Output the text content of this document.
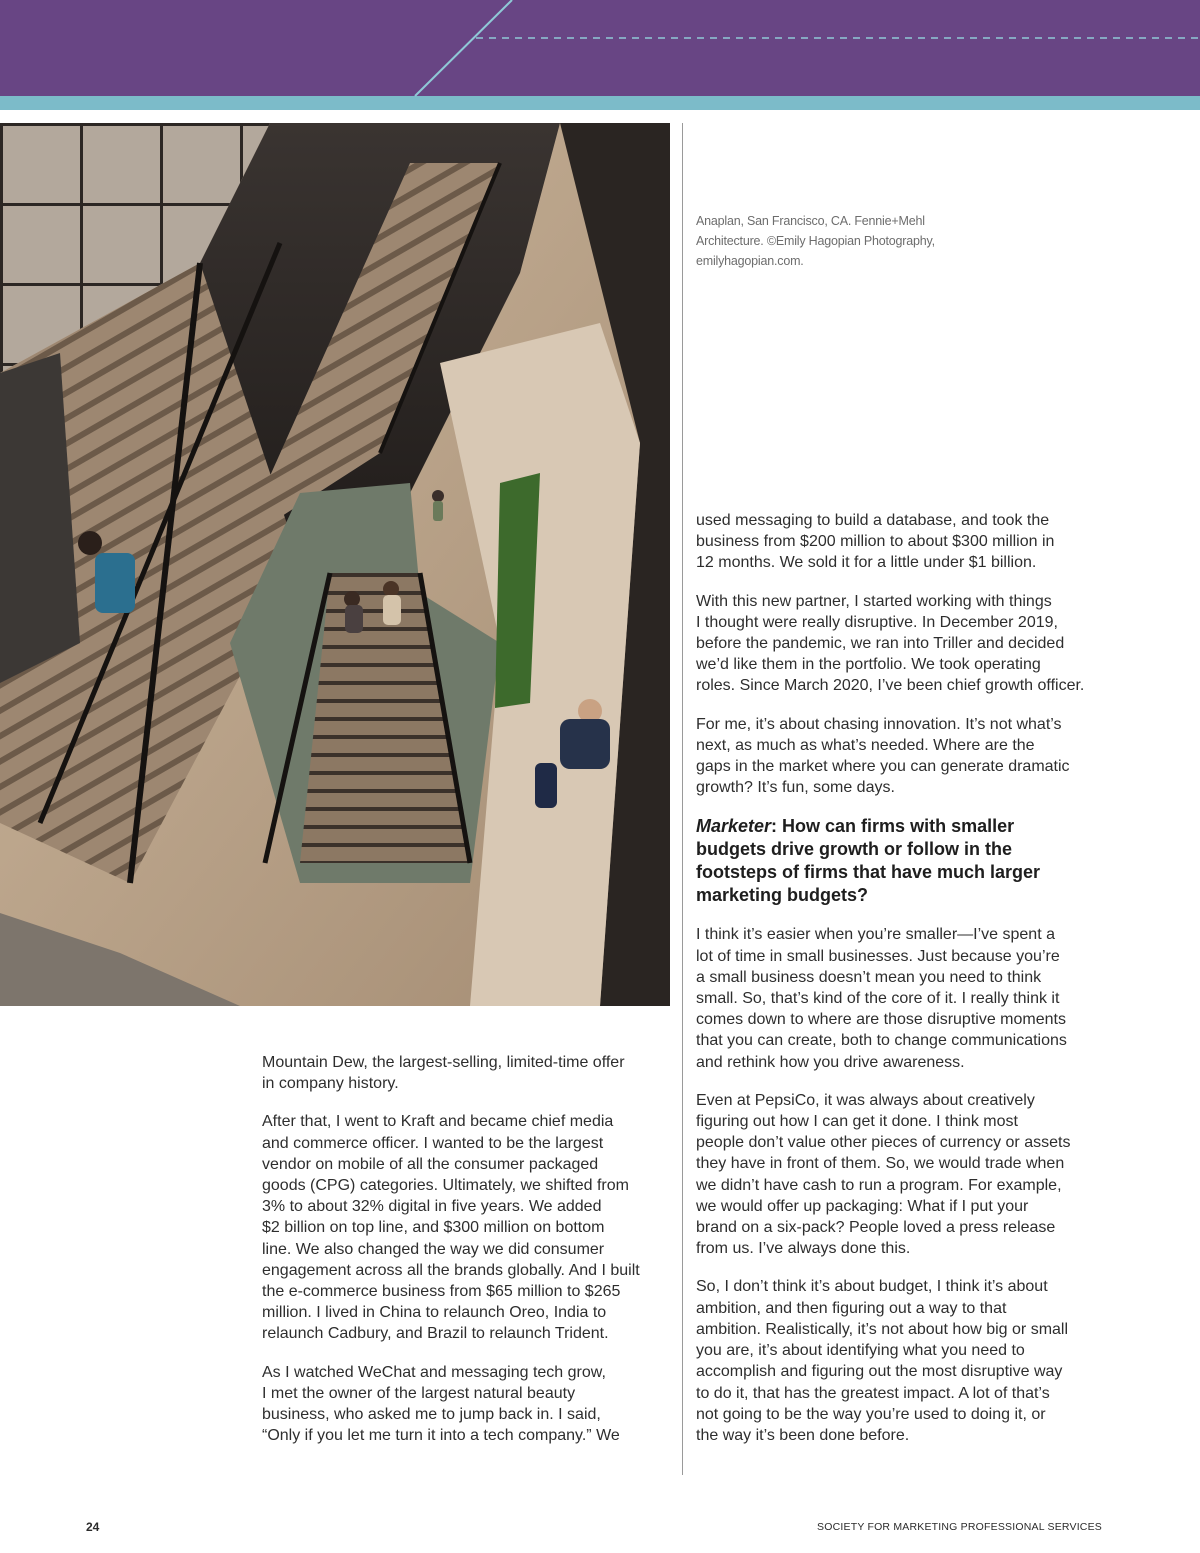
Anaplan, San Francisco, CA. Fennie+Mehl
Architecture. ©Emily Hagopian Photography,
emilyhagopian.com.

Mountain Dew, the largest-selling, limited-time offer
in company history.

After that, I went to Kraft and became chief media
and commerce officer. I wanted to be the largest
vendor on mobile of all the consumer packaged
goods (CPG) categories. Ultimately, we shifted from
3% to about 32% digital in five years. We added
$2 billion on top line, and $300 million on bottom
line. We also changed the way we did consumer
engagement across all the brands globally. And I built
the e-commerce business from $65 million to $265
million. I lived in China to relaunch Oreo, India to
relaunch Cadbury, and Brazil to relaunch Trident.

As I watched WeChat and messaging tech grow,
I met the owner of the largest natural beauty
business, who asked me to jump back in. I said,
“Only if you let me turn it into a tech company.” We

used messaging to build a database, and took the
business from $200 million to about $300 million in
12 months. We sold it for a little under $1 billion.

With this new partner, I started working with things
I thought were really disruptive. In December 2019,
before the pandemic, we ran into Triller and decided
we’d like them in the portfolio. We took operating
roles. Since March 2020, I’ve been chief growth officer.

For me, it’s about chasing innovation. It’s not what’s
next, as much as what’s needed. Where are the
gaps in the market where you can generate dramatic
growth? It’s fun, some days.

Marketer: How can firms with smaller
budgets drive growth or follow in the
footsteps of firms that have much larger
marketing budgets?

I think it’s easier when you’re smaller—I’ve spent a
lot of time in small businesses. Just because you’re
a small business doesn’t mean you need to think
small. So, that’s kind of the core of it. I really think it
comes down to where are those disruptive moments
that you can create, both to change communications
and rethink how you drive awareness.

Even at PepsiCo, it was always about creatively
figuring out how I can get it done. I think most
people don’t value other pieces of currency or assets
they have in front of them. So, we would trade when
we didn’t have cash to run a program. For example,
we would offer up packaging: What if I put your
brand on a six-pack? People loved a press release
from us. I’ve always done this.

So, I don’t think it’s about budget, I think it’s about
ambition, and then figuring out a way to that
ambition. Realistically, it’s not about how big or small
you are, it’s about identifying what you need to
accomplish and figuring out the most disruptive way
to do it, that has the greatest impact. A lot of that’s
not going to be the way you’re used to doing it, or
the way it’s been done before.

24	SOCIETY FOR MARKETING PROFESSIONAL SERVICES
